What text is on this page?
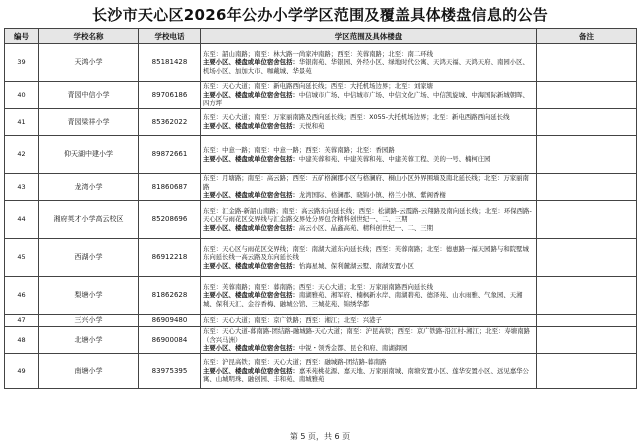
长沙市天心区2026年公办小学学区范围及覆盖具体楼盘信息的公告
编号	学校名称	学校电话	学区范围及具体楼盘	备注
39	天鸿小学	85181428	东至：韶山南路；南至：林大路一尚家冲南路；西至：芙蓉南路；北至：南二环线
主要小区、楼盘或单位宿舍包括：华银南苑、华银园、外经小区、绿地时代公寓、天鸿天福、天鸿天府、南园小区、机场小区、加加大市、咖戴城、华景苑	
40	青园中信小学	89706186	东至：天心大道；南至：新电路西向延长线；西至：大托机场边界；北至：刘家塘
主要小区、楼盘或单位宿舍包括：中信城市广场、中信城市广场、中信文化广场、中信凯旋城、中海国际新城朝晖、四方坪	
41	青园梁祥小学	85362022	东至：天心大道；南至：万家丽南路及西向延长线；西至：X055-大托机场边界；北至：新电西路西向延长线
主要小区、楼盘或单位宿舍包括：天悦和苑	
42	仰天湖中建小学	89872661	东至：中意一路；南至：中意一路；西至：芙蓉南路；北至：香园路
主要小区、楼盘或单位宿舍包括：中建芙蓉和苑、中建芙蓉和苑、中建芙蓉工程、美的一号、楠柯庄园	
43	龙湾小学	81860687	东至：月塘路；南至：高云路；西至：五矿格澜郡小区与格澜府、桐山小区外界围墙及南北延长线；北至：万家丽南路
主要小区、楼盘或单位宿舍包括：龙湾国际、格澜郡、晓锦小镇、格兰小镇、紫阁香榭	
44	湘府英才小学高云校区	85208696	东至：汇金路-新韶山南路；南至：高云路东向延长线；西至：松湖路-云霞路-云翔路及南向延长线；北至：环保西路-天心区与雨花区交界线与汇金路交界处分界包含精科创世纪一、二、三期
主要小区、楼盘或单位宿舍包括：高云小区、晶鑫高苑、精科创世纪一、二、三期	
45	西湖小学	86912218	东至：天心区与雨花区交界线；南至：南湖大道东向延长线；西至：芙蓉南路；北至：德惠路一福天园路与和院墅城东向延长线一高云路及东向延长线
主要小区、楼盘或单位宿舍包括：怡海星城、保利麓湖云墅、南湖安置小区	
46	梨塘小学	81862628	东至：芙蓉南路；南至：暮南路；西至：天心大道；北至：万家丽南路西向延长线
主要小区、楼盘或单位宿舍包括：南湖雅苑、湘军府、楠枫新水岸、南湖碧苑、德泽苑、山水雨雅、气象园、天湘城、保利天汇、金谷香梅、融城公馆、三城花苑、锦绣华都	
47	三兴小学	86909480	东至：天心大道；南至：京广铁路；西至：湘江；北至：兴港子	
48	北塘小学	86900084	东至：天心大道-暮南路-团结路-融城路-天心大道；南至：沪昆高铁；西至：京广铁路-沿江村-湘江；北至：寿塘南路（含兴马洲）
主要小区、楼盘或单位宿舍包括：中锐・领秀金都、昆仑和府、南湖御园	
49	南塘小学	83975395	东至：沪昆高铁；南至：天心大道；西至：融城路-团结路-暮南路
主要小区、楼盘或单位宿舍包括：嘉禾苑桃花源、嘉天地、万家丽南城、南塘安置小区、莲华安置小区、远见嘉华公寓、山城明珠、融创园、丰和苑、南城雅苑	
第 5 页，共 6 页
